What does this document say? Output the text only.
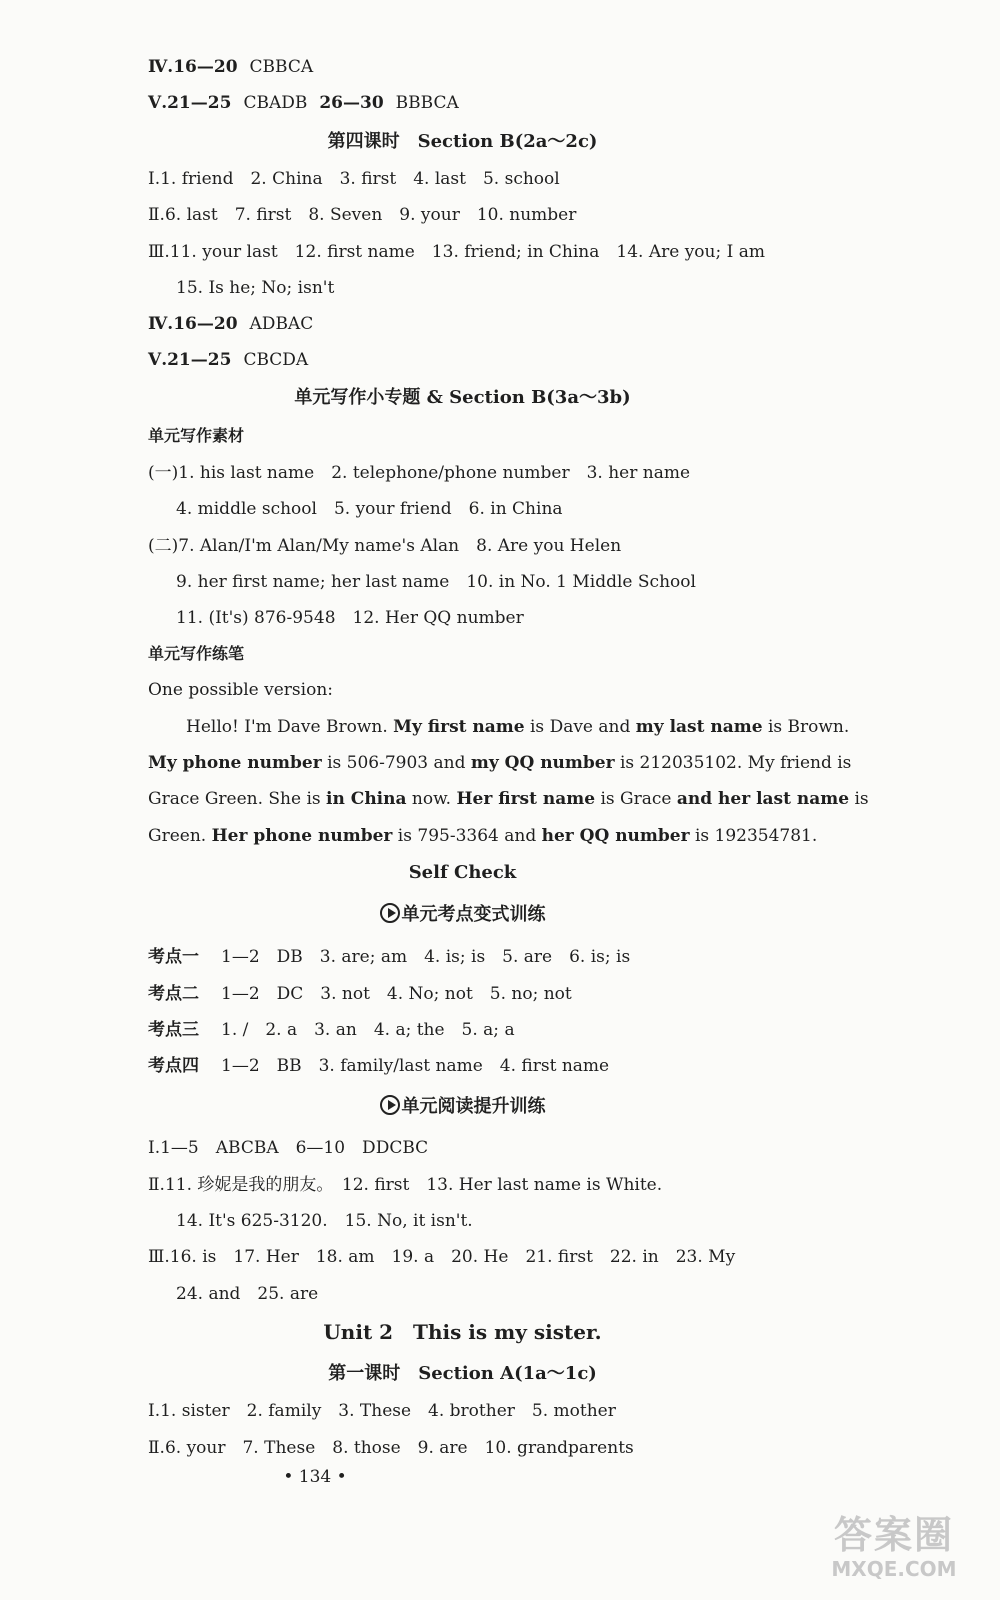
Ⅳ.16—20 CBBCA
Ⅴ.21—25 CBADB 26—30 BBBCA
第四课时　Section B(2a～2c)
Ⅰ.1. friend　2. China　3. first　4. last　5. school
Ⅱ.6. last　7. first　8. Seven　9. your　10. number
Ⅲ.11. your last　12. first name　13. friend; in China　14. Are you; I am
15. Is he; No; isn't
Ⅳ.16—20 ADBAC
Ⅴ.21—25 CBCDA
单元写作小专题 & Section B(3a～3b)
单元写作素材
(一)1. his last name　2. telephone/phone number　3. her name
4. middle school　5. your friend　6. in China
(二)7. Alan/I'm Alan/My name's Alan　8. Are you Helen
9. her first name; her last name　10. in No. 1 Middle School
11. (It's) 876-9548　12. Her QQ number
单元写作练笔
One possible version:
Hello! I'm Dave Brown. My first name is Dave and my last name is Brown.
My phone number is 506-7903 and my QQ number is 212035102. My friend is
Grace Green. She is in China now. Her first name is Grace and her last name is
Green. Her phone number is 795-3364 and her QQ number is 192354781.
Self Check
单元考点变式训练
考点一 1—2　DB　3. are; am　4. is; is　5. are　6. is; is
考点二 1—2　DC　3. not　4. No; not　5. no; not
考点三 1. /　2. a　3. an　4. a; the　5. a; a
考点四 1—2　BB　3. family/last name　4. first name
单元阅读提升训练
Ⅰ.1—5　ABCBA　6—10　DDCBC
Ⅱ.11. 珍妮是我的朋友。　12. first　13. Her last name is White.
14. It's 625-3120.　15. No, it isn't.
Ⅲ.16. is　17. Her　18. am　19. a　20. He　21. first　22. in　23. My
24. and　25. are
Unit 2　This is my sister.
第一课时　Section A(1a～1c)
Ⅰ.1. sister　2. family　3. These　4. brother　5. mother
Ⅱ.6. your　7. These　8. those　9. are　10. grandparents
• 134 •
答案圈
MXQE.COM
